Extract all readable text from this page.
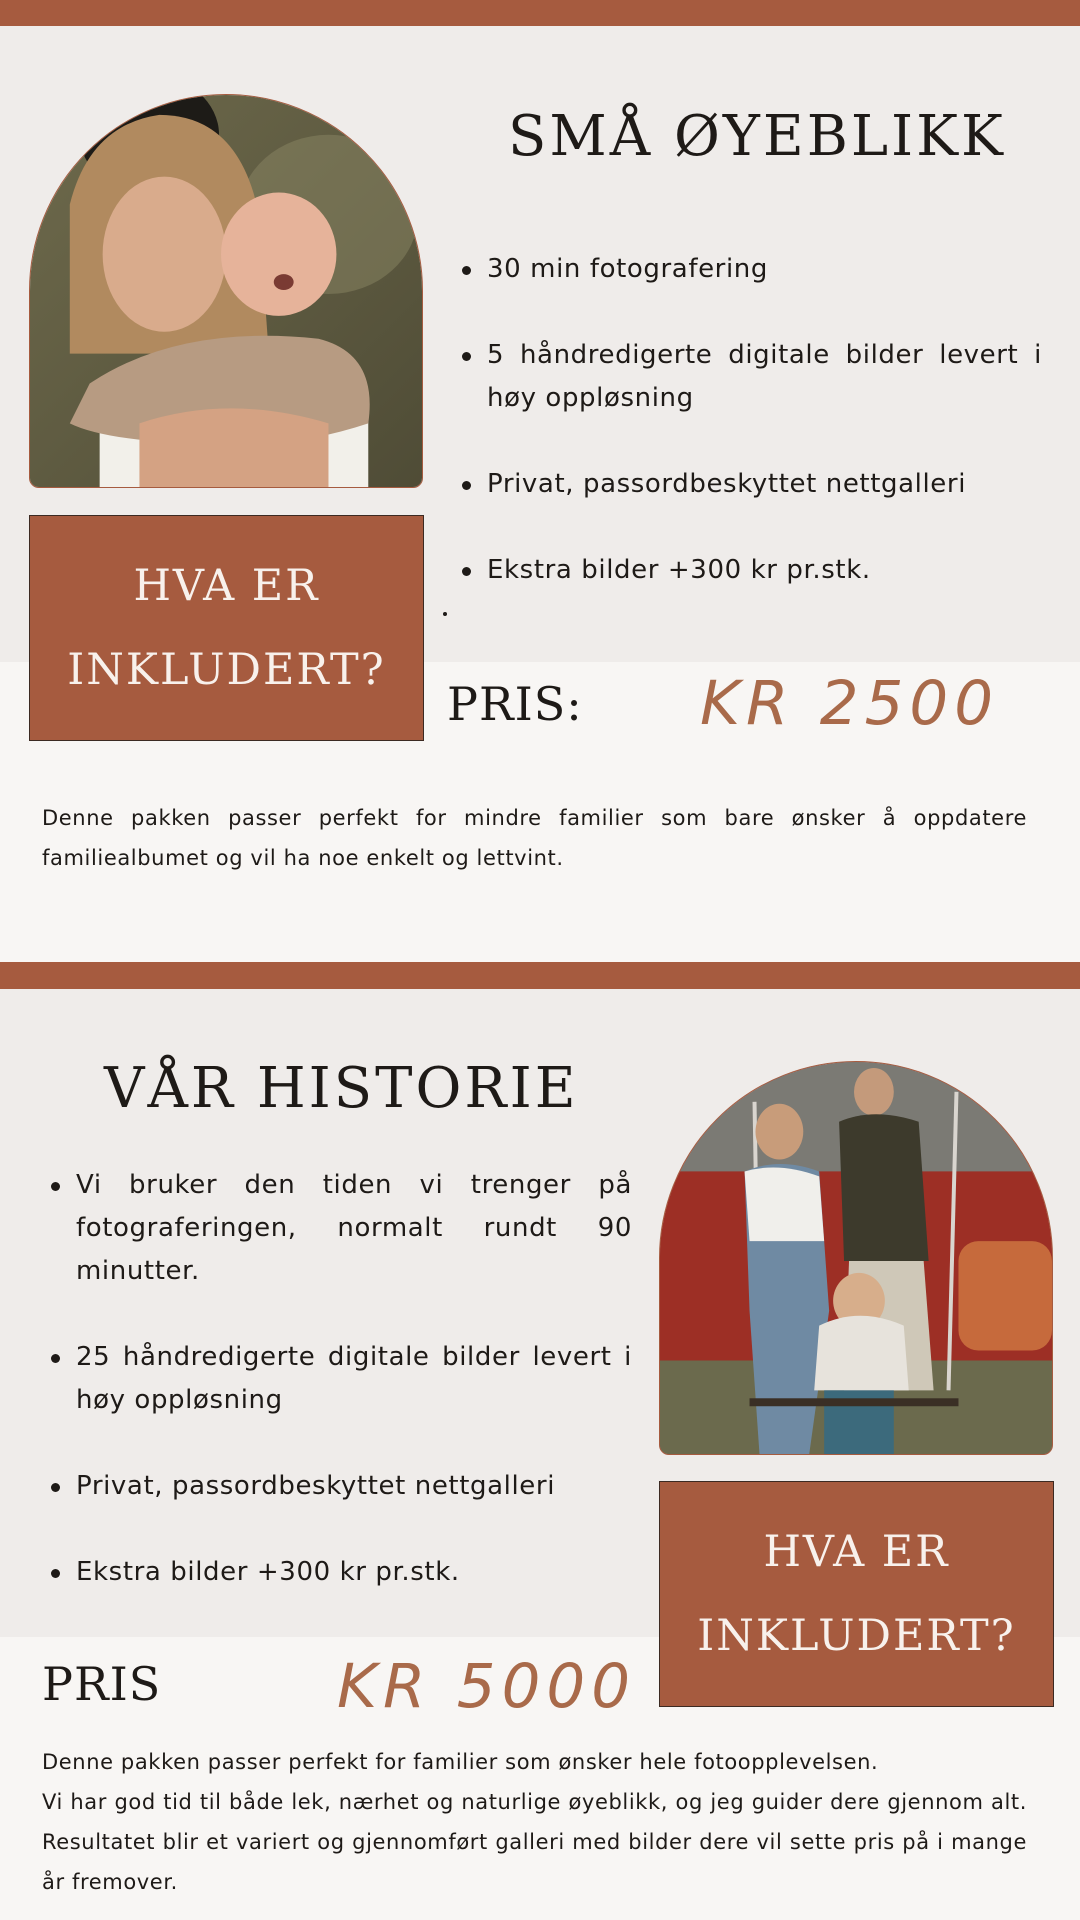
HVA ER
INKLUDERT?
SMÅ ØYEBLIKK
30 min fotografering
5 håndredigerte digitale bilder levert i høy oppløsning
Privat, passordbeskyttet nettgalleri
Ekstra bilder +300 kr pr.stk.
PRIS: KR 2500
Denne pakken passer perfekt for mindre familier som bare ønsker å oppdatere familiealbumet og vil ha noe enkelt og lettvint.
VÅR HISTORIE
Vi bruker den tiden vi trenger på fotograferingen, normalt rundt 90 minutter.
25 håndredigerte digitale bilder levert i høy oppløsning
Privat, passordbeskyttet nettgalleri
Ekstra bilder +300 kr pr.stk.	HVA ER
INKLUDERT?
PRIS	KR 5000

Denne pakken passer perfekt for familier som ønsker hele fotoopplevelsen.

Vi har god tid til både lek, nærhet og naturlige øyeblikk, og jeg guider dere gjennom alt. Resultatet blir et variert og gjennomført galleri med bilder dere vil sette pris på i mange år fremover.
